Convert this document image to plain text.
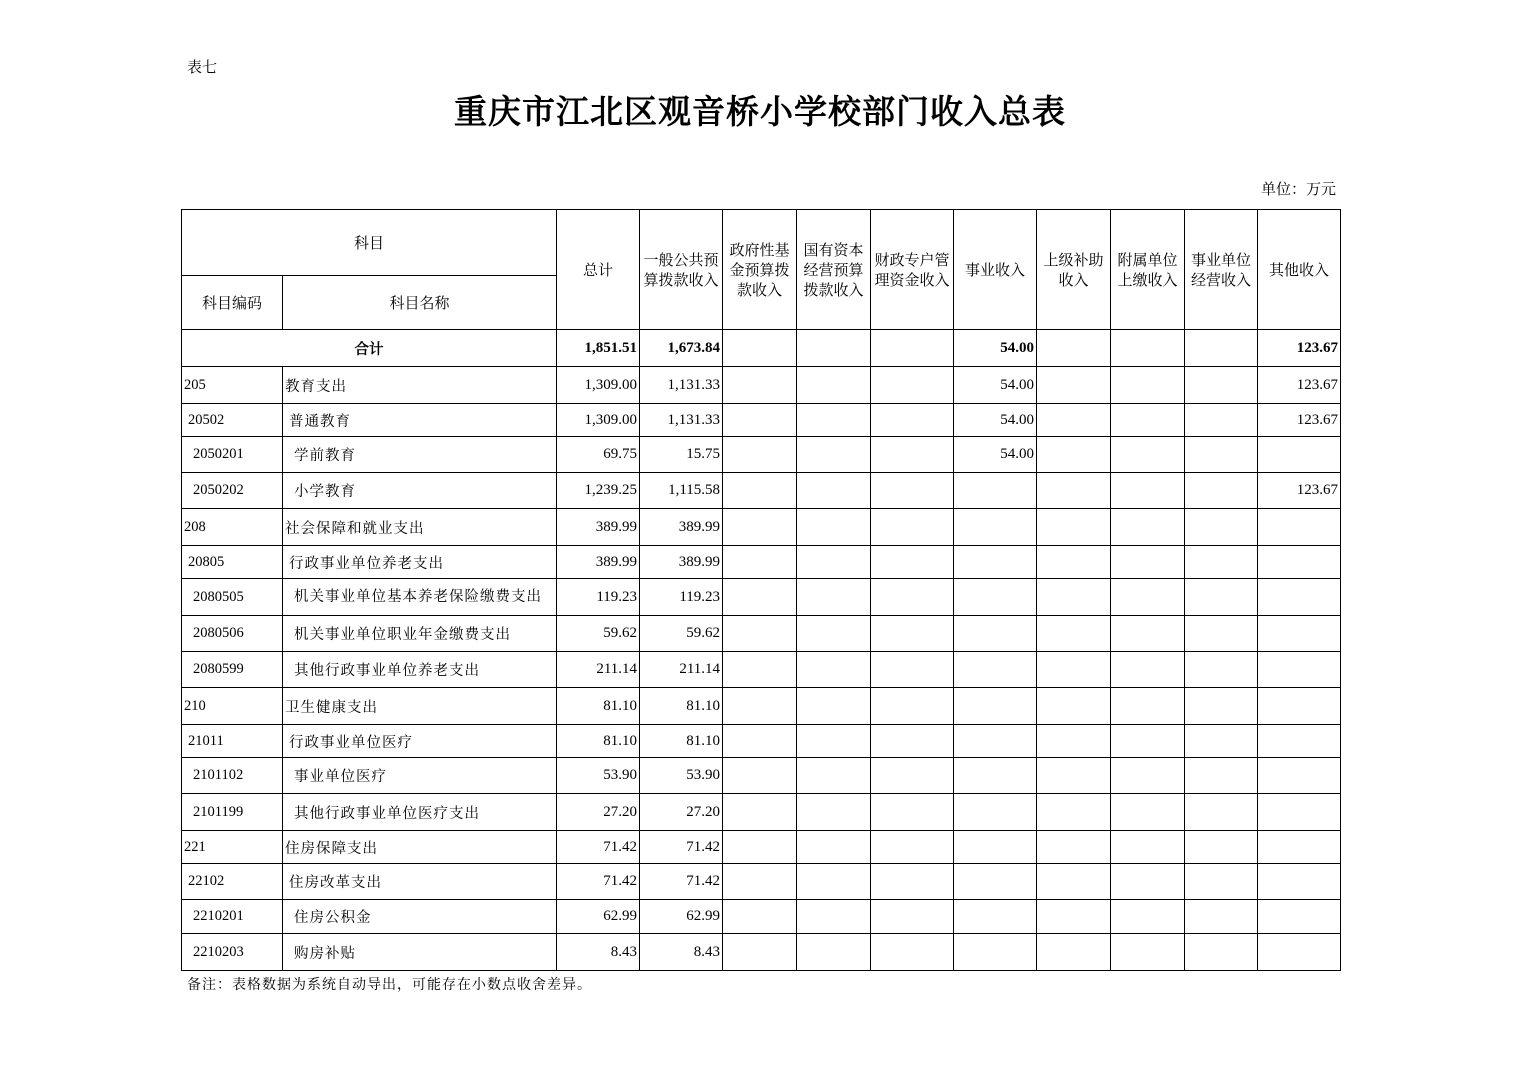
表七
重庆市江北区观音桥小学校部门收入总表
单位：万元
科目		总计	一般公共预算拨款收入	政府性基金预算拨款收入	国有资本经营预算拨款收入	财政专户管理资金收入	事业收入	上级补助收入	附属单位上缴收入	事业单位经营收入	其他收入
科目编码	科目名称										
合计		1,851.51	1,673.84				54.00				123.67
205	教育支出	1,309.00	1,131.33				54.00				123.67
20502	普通教育	1,309.00	1,131.33				54.00				123.67
2050201	学前教育	69.75	15.75				54.00				
2050202	小学教育	1,239.25	1,115.58								123.67
208	社会保障和就业支出	389.99	389.99								
20805	行政事业单位养老支出	389.99	389.99								
2080505	机关事业单位基本养老保险缴费支出	119.23	119.23								
2080506	机关事业单位职业年金缴费支出	59.62	59.62								
2080599	其他行政事业单位养老支出	211.14	211.14								
210	卫生健康支出	81.10	81.10								
21011	行政事业单位医疗	81.10	81.10								
2101102	事业单位医疗	53.90	53.90								
2101199	其他行政事业单位医疗支出	27.20	27.20								
221	住房保障支出	71.42	71.42								
22102	住房改革支出	71.42	71.42								
2210201	住房公积金	62.99	62.99								
2210203	购房补贴	8.43	8.43								
备注：表格数据为系统自动导出，可能存在小数点收舍差异。
